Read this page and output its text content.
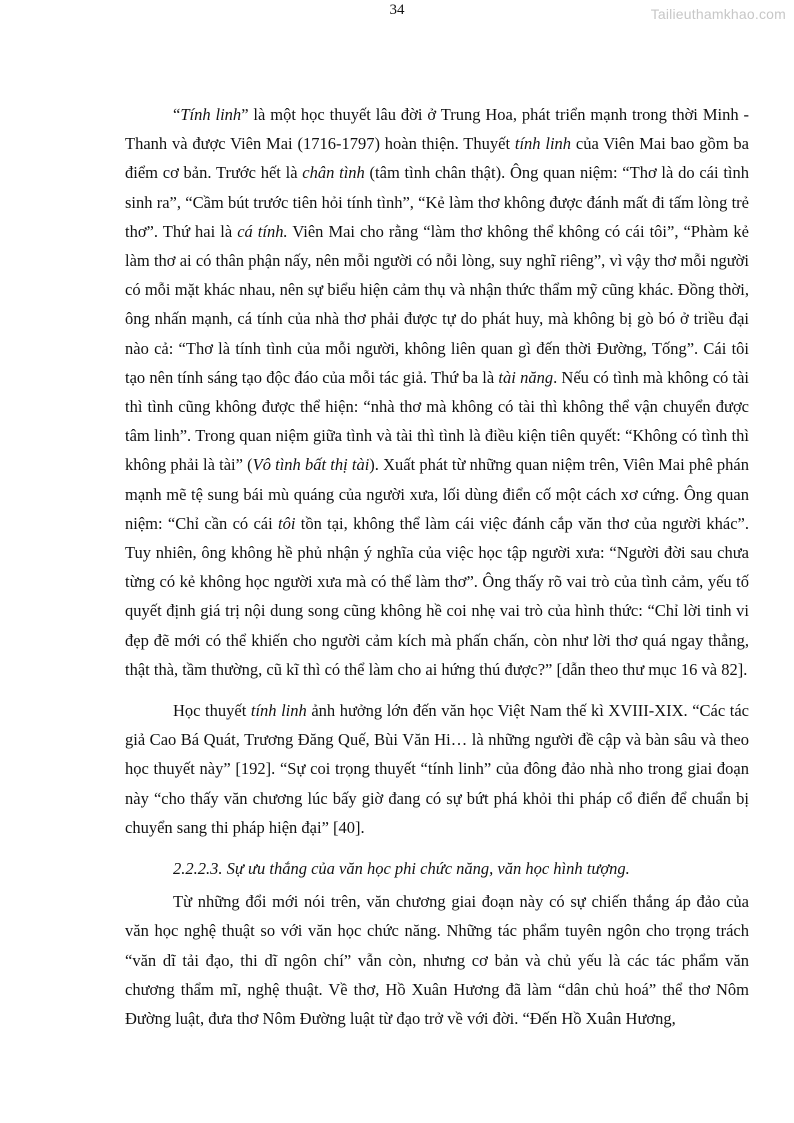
34	Tailieuthamkhao.com

“Tính linh” là một học thuyết lâu đời ở Trung Hoa, phát triển mạnh trong thời Minh - Thanh và được Viên Mai (1716-1797) hoàn thiện. Thuyết tính linh của Viên Mai bao gồm ba điểm cơ bản. Trước hết là chân tình (tâm tình chân thật). Ông quan niệm: “Thơ là do cái tình sinh ra”, “Cầm bút trước tiên hỏi tính tình”, “Kẻ làm thơ không được đánh mất đi tấm lòng trẻ thơ”. Thứ hai là cá tính. Viên Mai cho rằng “làm thơ không thể không có cái tôi”, “Phàm kẻ làm thơ ai có thân phận nấy, nên mỗi người có nỗi lòng, suy nghĩ riêng”, vì vậy thơ mỗi người có mỗi mặt khác nhau, nên sự biểu hiện cảm thụ và nhận thức thẩm mỹ cũng khác. Đồng thời, ông nhấn mạnh, cá tính của nhà thơ phải được tự do phát huy, mà không bị gò bó ở triều đại nào cả: “Thơ là tính tình của mỗi người, không liên quan gì đến thời Đường, Tống”. Cái tôi tạo nên tính sáng tạo độc đáo của mỗi tác giả. Thứ ba là tài năng. Nếu có tình mà không có tài thì tình cũng không được thể hiện: “nhà thơ mà không có tài thì không thể vận chuyển được tâm linh”. Trong quan niệm giữa tình và tài thì tình là điều kiện tiên quyết: “Không có tình thì không phải là tài” (Vô tình bất thị tài). Xuất phát từ những quan niệm trên, Viên Mai phê phán mạnh mẽ tệ sung bái mù quáng của người xưa, lối dùng điển cố một cách xơ cứng. Ông quan niệm: “Chỉ cần có cái tôi tồn tại, không thể làm cái việc đánh cắp văn thơ của người khác”. Tuy nhiên, ông không hề phủ nhận ý nghĩa của việc học tập người xưa: “Người đời sau chưa từng có kẻ không học người xưa mà có thể làm thơ”. Ông thấy rõ vai trò của tình cảm, yếu tố quyết định giá trị nội dung song cũng không hề coi nhẹ vai trò của hình thức: “Chỉ lời tinh vi đẹp đẽ mới có thể khiến cho người cảm kích mà phấn chấn, còn như lời thơ quá ngay thẳng, thật thà, tầm thường, cũ kĩ thì có thể làm cho ai hứng thú được?” [dẫn theo thư mục 16 và 82].

Học thuyết tính linh ảnh hưởng lớn đến văn học Việt Nam thế kì XVIII-XIX. “Các tác giả Cao Bá Quát, Trương Đăng Quế, Bùi Văn Hi… là những người đề cập và bàn sâu và theo học thuyết này” [192]. “Sự coi trọng thuyết “tính linh” của đông đảo nhà nho trong giai đoạn này “cho thấy văn chương lúc bấy giờ đang có sự bứt phá khỏi thi pháp cổ điển để chuẩn bị chuyển sang thi pháp hiện đại” [40].

2.2.2.3. Sự ưu thắng của văn học phi chức năng, văn học hình tượng.

Từ những đổi mới nói trên, văn chương giai đoạn này có sự chiến thắng áp đảo của văn học nghệ thuật so với văn học chức năng. Những tác phẩm tuyên ngôn cho trọng trách “văn dĩ tải đạo, thi dĩ ngôn chí” vẫn còn, nhưng cơ bản và chủ yếu là các tác phẩm văn chương thẩm mĩ, nghệ thuật. Về thơ, Hồ Xuân Hương đã làm “dân chủ hoá” thể thơ Nôm Đường luật, đưa thơ Nôm Đường luật từ đạo trở về với đời. “Đến Hồ Xuân Hương,
